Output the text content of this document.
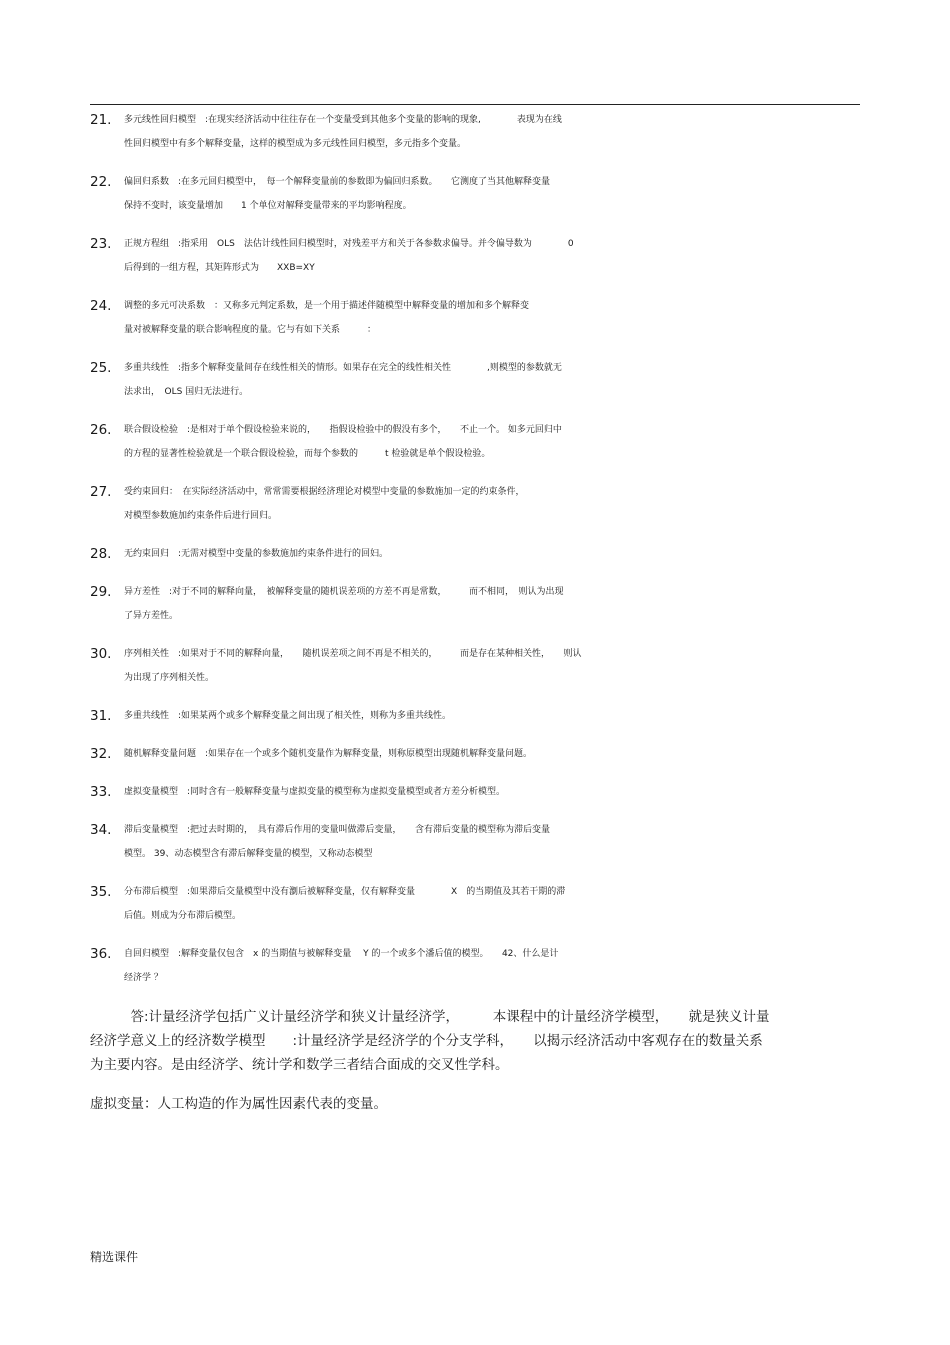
21. 多元线性回归模型　:在现实经济活动中往往存在一个变量受到其他多个变量的影响的现象,　　　　表现为在线
性回归模型中有多个解释变量，这样的模型成为多元线性回归模型，多元指多个变量。
22. 偏回归系数　:在多元回归模型中，　每一个解释变量前的参数即为偏回归系数。　　它测度了当其他解释变量
保持不变时，该变量增加　　1 个单位对解释变量带来的平均影响程度。
23. 正规方程组　:指采用　OLS　法估计线性回归模型时，对残差平方和关于各参数求偏导。并令偏导数为　　　　0
后得到的一组方程，其矩阵形式为　　XXB=XY
24. 调整的多元可决系数　：又称多元判定系数，是一个用于描述伴随模型中解释变量的增加和多个解释变
量对被解释变量的联合影响程度的量。它与有如下关系　　　：
25. 多重共线性　:指多个解释变量间存在线性相关的情形。如果存在完全的线性相关性　　　　,则模型的参数就无
法求出，　OLS 国归无法进行。
26. 联合假设检验　:是相对于单个假设检验来说的，　　指假设检验中的假没有多个，　　不止一个。 如多元回归中
的方程的显著性检验就是一个联合假设检验，而每个参数的　　　t 检验就是单个假设检验。
27. 受约束回归：　在实际经济活动中，常常需要根据经济理论对模型中变量的参数施加一定的约束条件，
对模型参数施加约束条件后进行回归。
28. 无约束回归　:无需对模型中变量的参数施加约束条件进行的回妇。
29. 异方差性　:对于不同的解释向量，　被解释变量的随机误差项的方差不再是常数，　　　而不相同，　则认为出现
了异方差性。
30. 序列相关性　:如果对于不同的解释向量，　　随机误差项之间不再是不相关的，　　　而是存在某种相关性，　　则认
为出现了序列相关性。
31. 多重共线性　:如果某两个或多个解释变量之间出现了相关性，则称为多重共线性。
32. 随机解释变量问题　:如果存在一个或多个随机变量作为解释变量，则称原模型出现随机解释变量问题。
33. 虚拟变量模型　:同时含有一般解释变量与虚拟变量的模型称为虚拟变量模型或者方差分析模型。
34. 滞后变量模型　:把过去时期的，　具有滞后作用的变量叫做滞后变量，　　含有滞后变量的模型称为滞后变量
模型。 39、动态模型含有滞后解释变量的模型，又称动态模型
35. 分布滞后模型　:如果滞后交量模型中没有瀏后被解释变量，仅有解释变量　　　　X　的当期值及其若干期的滞
后值。则成为分布滞后模型。
36. 自回归模型　:解释变量仅包含　x 的当期值与被解释变量　 Y 的一个或多个潘后值的模型。　　42、什么是计
经济学 ？
　　　答:计量经济学包括广义计量经济学和狭义计量经济学，　　　本课程中的计量经济学模型，　　就是狭义计量
经济学意义上的经济数学模型　　:计量经济学是经济学的个分支学科，　　以揭示经济活动中客观存在的数量关系
为主要内容。是由经济学、统计学和数学三者结合面成的交叉性学科。
虚拟变量：人工构造的作为属性因素代表的变量。
精选课件
